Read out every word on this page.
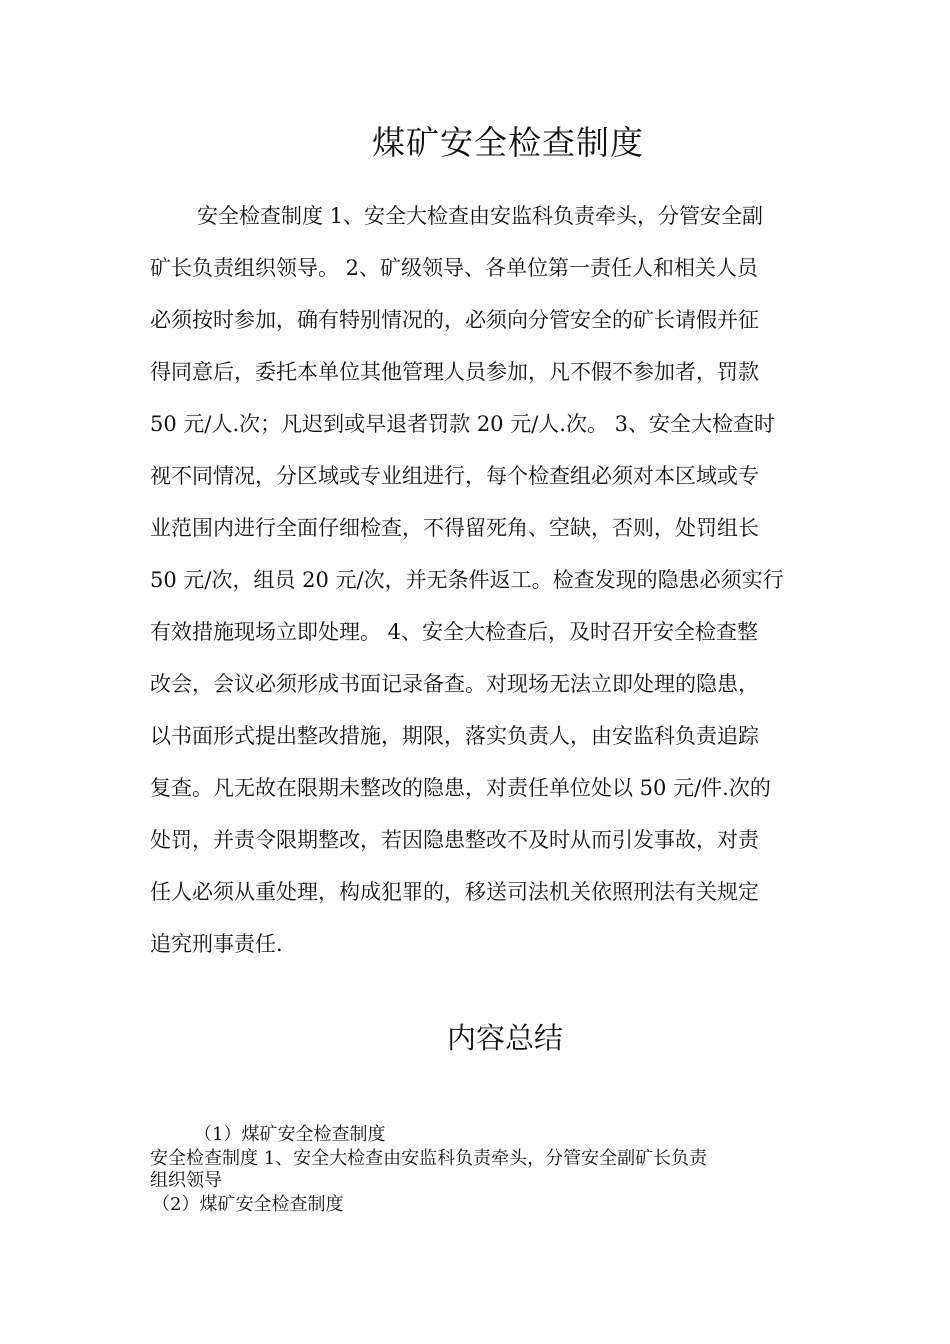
煤矿安全检查制度
安全检查制度 1、安全大检查由安监科负责牵头，分管安全副
矿长负责组织领导。 2、矿级领导、各单位第一责任人和相关人员
必须按时参加，确有特别情况的，必须向分管安全的矿长请假并征
得同意后，委托本单位其他管理人员参加，凡不假不参加者，罚款
50 元/人.次；凡迟到或早退者罚款 20 元/人.次。 3、安全大检查时
视不同情况，分区域或专业组进行，每个检查组必须对本区域或专
业范围内进行全面仔细检查，不得留死角、空缺，否则，处罚组长
50 元/次，组员 20 元/次，并无条件返工。检查发现的隐患必须实行
有效措施现场立即处理。 4、安全大检查后，及时召开安全检查整
改会，会议必须形成书面记录备查。对现场无法立即处理的隐患，
以书面形式提出整改措施，期限，落实负责人，由安监科负责追踪
复查。凡无故在限期未整改的隐患，对责任单位处以 50 元/件.次的
处罚，并责令限期整改，若因隐患整改不及时从而引发事故，对责
任人必须从重处理，构成犯罪的，移送司法机关依照刑法有关规定
追究刑事责任.
内容总结
（1）煤矿安全检查制度
安全检查制度 1、安全大检查由安监科负责牵头，分管安全副矿长负责
组织领导
（2）煤矿安全检查制度
